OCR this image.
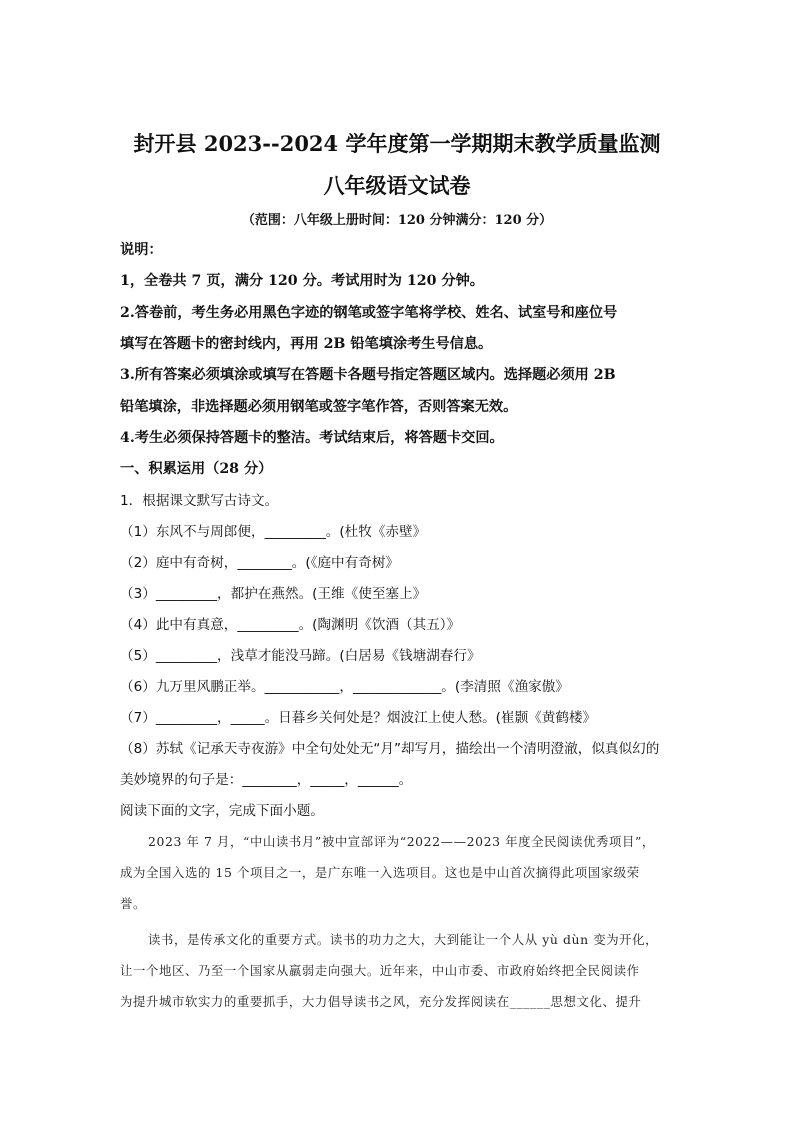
封开县 2023--2024 学年度第一学期期末教学质量监测
八年级语文试卷
（范围：八年级上册时间：120 分钟满分：120 分）
说明：
1，全卷共 7 页，满分 120 分。考试用时为 120 分钟。
2.答卷前，考生务必用黑色字迹的钢笔或签字笔将学校、姓名、试室号和座位号
填写在答题卡的密封线内，再用 2B 铅笔填涂考生号信息。
3.所有答案必须填涂或填写在答题卡各题号指定答题区域内。选择题必须用 2B
铅笔填涂，非选择题必须用钢笔或签字笔作答，否则答案无效。
4.考生必须保持答题卡的整洁。考试结束后，将答题卡交回。
一、积累运用（28 分）
1．根据课文默写古诗文。
（1）东风不与周郎便，_________。(杜牧《赤壁》
（2）庭中有奇树，________。(《庭中有奇树》
（3）_________，都护在燕然。(王维《使至塞上》
（4）此中有真意，_________。(陶渊明《饮酒（其五）》
（5）_________，浅草才能没马蹄。(白居易《钱塘湖春行》
（6）九万里风鹏正举。___________，_____________。(李清照《渔家傲》
（7）_________，_____。日暮乡关何处是？烟波江上使人愁。(崔颢《黄鹤楼》
（8）苏轼《记承天寺夜游》中全句处处无“月”却写月，描绘出一个清明澄澈，似真似幻的
美妙境界的句子是：________，_____，______。
阅读下面的文字，完成下面小题。

2023 年 7 月，“中山读书月”被中宣部评为“2022——2023 年度全民阅读优秀项目”，

成为全国入选的 15 个项目之一，是广东唯一入选项目。这也是中山首次摘得此项国家级荣

誉。

读书，是传承文化的重要方式。读书的功力之大，大到能让一个人从 yù dùn 变为开化，

让一个地区、乃至一个国家从羸弱走向强大。近年来，中山市委、市政府始终把全民阅读作

为提升城市软实力的重要抓手，大力倡导读书之风，充分发挥阅读在______思想文化、提升
